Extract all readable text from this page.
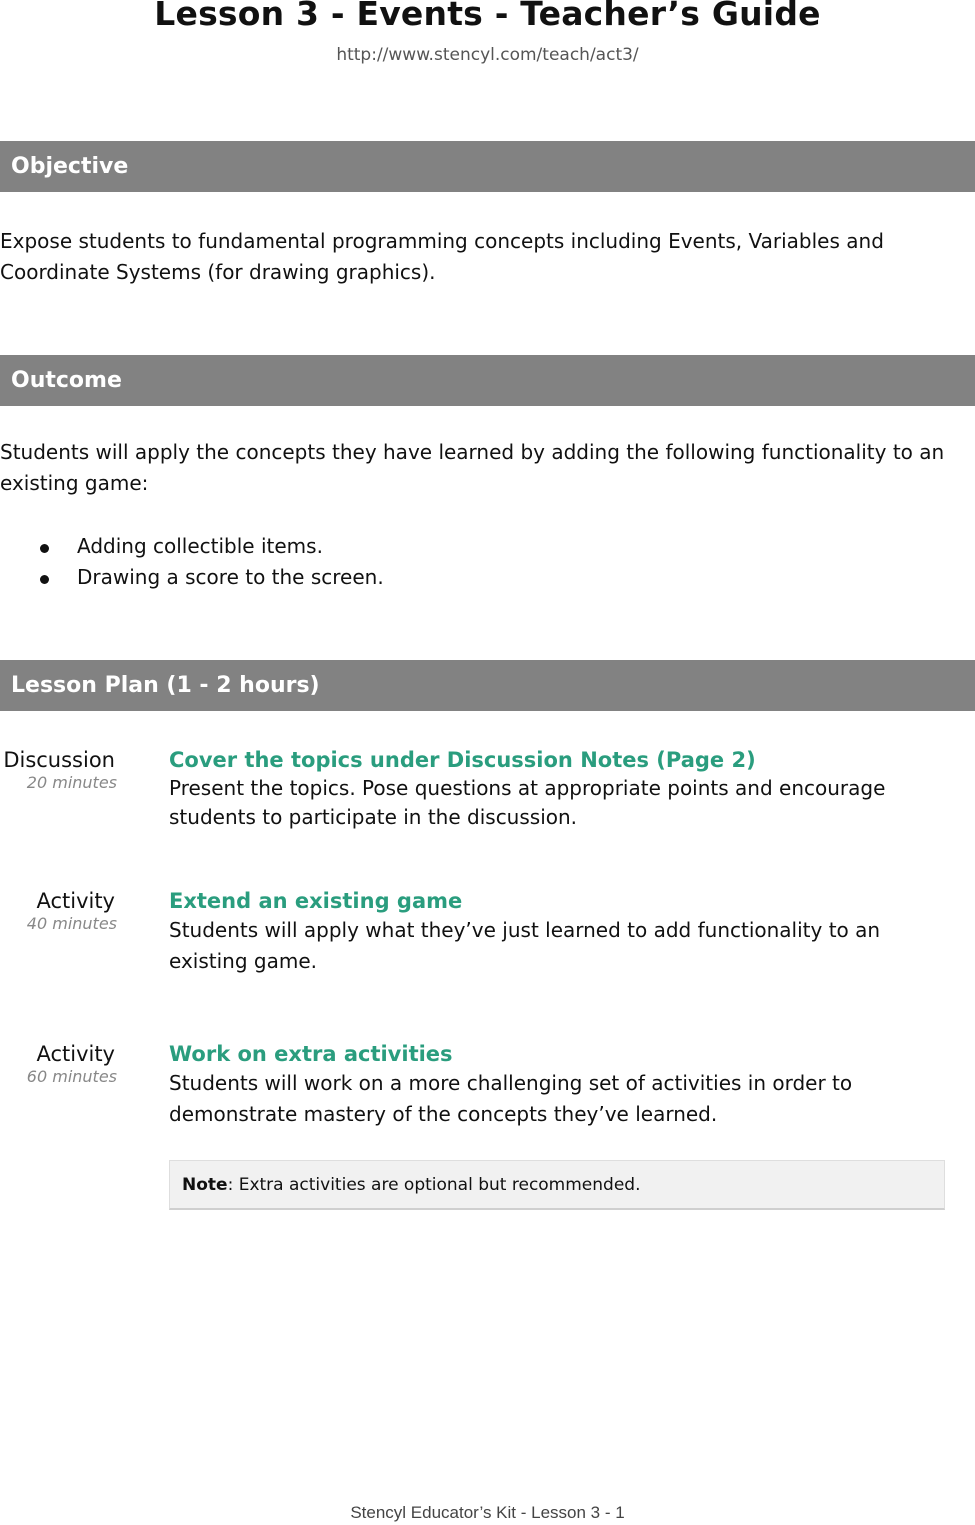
Lesson 3 - Events - Teacher’s Guide
http://www.stencyl.com/teach/act3/
Objective
Expose students to fundamental programming concepts including Events, Variables and Coordinate Systems (for drawing graphics).
Outcome
Students will apply the concepts they have learned by adding the following functionality to an existing game:
Adding collectible items.
Drawing a score to the screen.
Lesson Plan (1 - 2 hours)
Discussion
20 minutes
Cover the topics under Discussion Notes (Page 2)
Present the topics. Pose questions at appropriate points and encourage students to participate in the discussion.
Activity
40 minutes
Extend an existing game
Students will apply what they’ve just learned to add functionality to an existing game.
Activity
60 minutes
Work on extra activities
Students will work on a more challenging set of activities in order to demonstrate mastery of the concepts they’ve learned.
Note: Extra activities are optional but recommended.
Stencyl Educator’s Kit - Lesson 3 - 1
